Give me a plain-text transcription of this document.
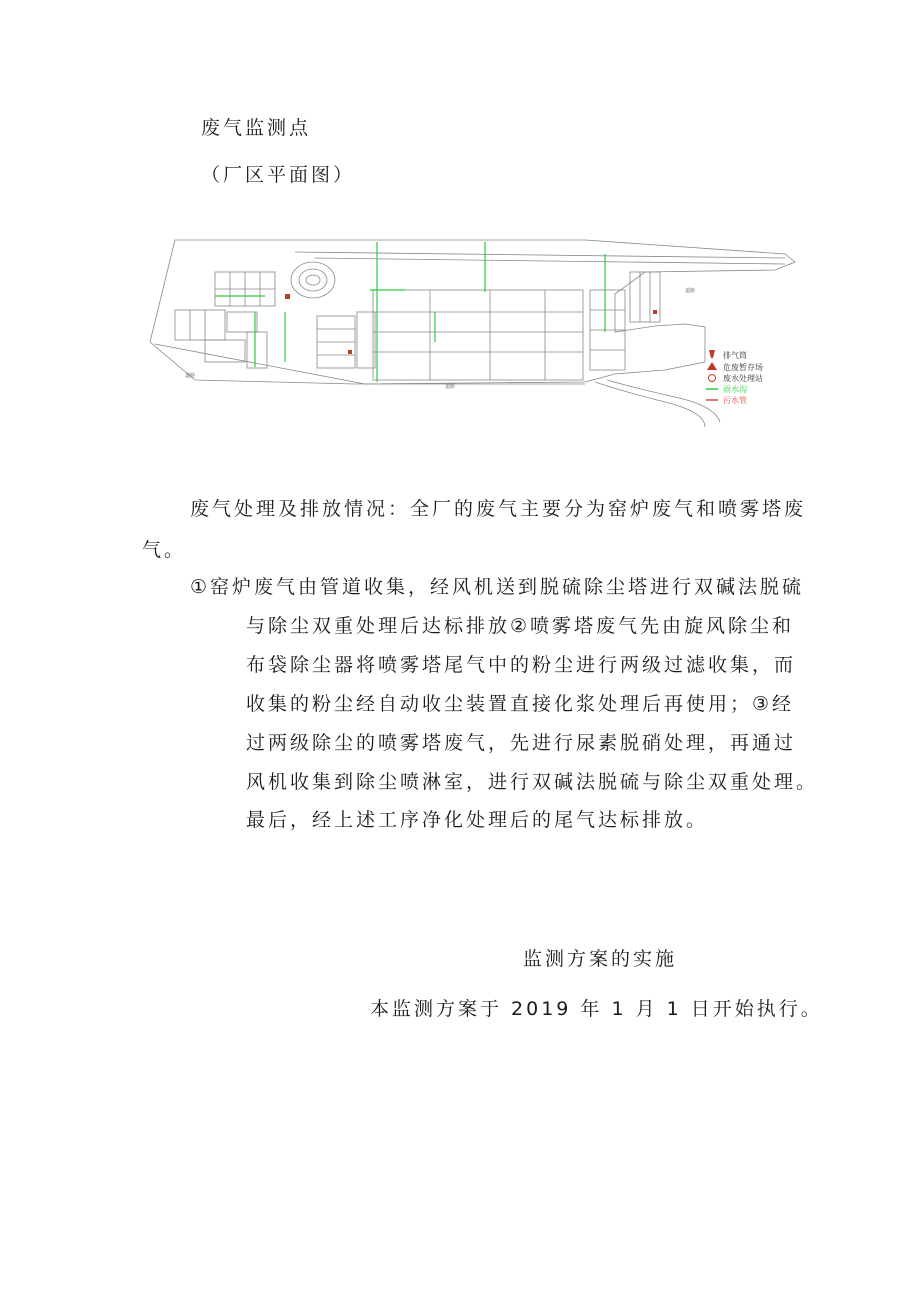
废气监测点
（厂区平面图）
道路
道路
道路
排气筒
危废暂存场
废水处理站
雨水沟
污水管
废气处理及排放情况：全厂的废气主要分为窑炉废气和喷雾塔废
气。
①窑炉废气由管道收集，经风机送到脱硫除尘塔进行双碱法脱硫
与除尘双重处理后达标排放②喷雾塔废气先由旋风除尘和
布袋除尘器将喷雾塔尾气中的粉尘进行两级过滤收集，而
收集的粉尘经自动收尘装置直接化浆处理后再使用；③经
过两级除尘的喷雾塔废气，先进行尿素脱硝处理，再通过
风机收集到除尘喷淋室，进行双碱法脱硫与除尘双重处理。
最后，经上述工序净化处理后的尾气达标排放。
监测方案的实施
本监测方案于 2019 年 1 月 1 日开始执行。
